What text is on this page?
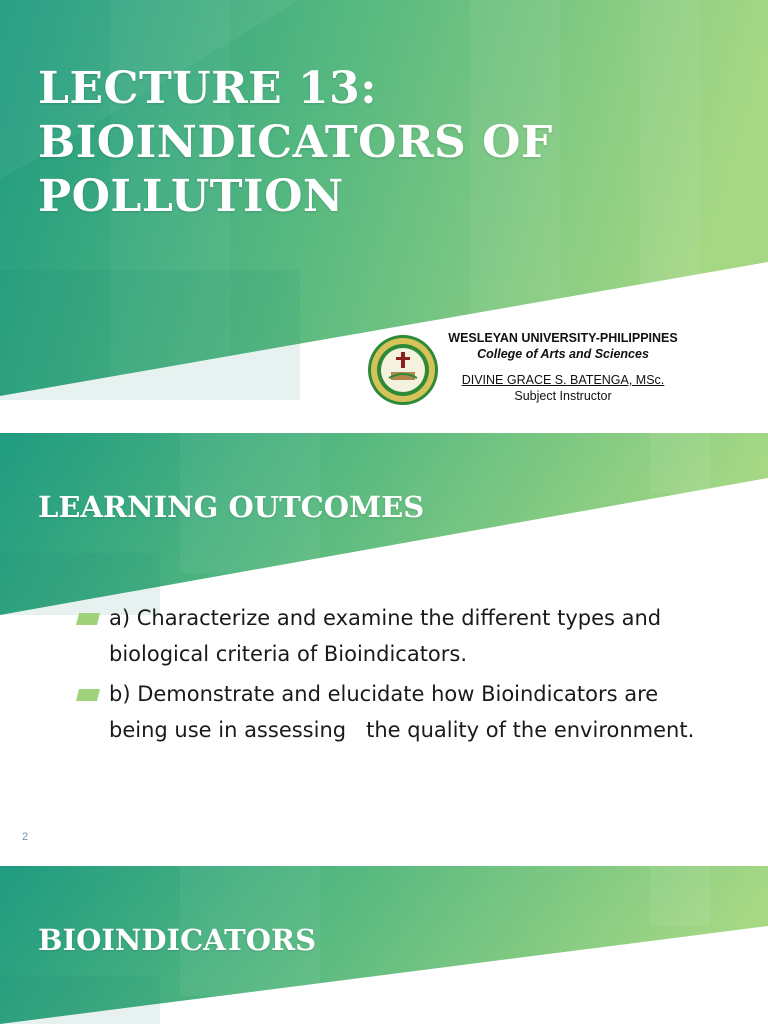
LECTURE 13: BIOINDICATORS OF POLLUTION
WESLEYAN UNIVERSITY-PHILIPPINES
College of Arts and Sciences
DIVINE GRACE S. BATENGA, MSc.
Subject Instructor
LEARNING OUTCOMES
a) Characterize and examine the different types and biological criteria of Bioindicators.
b) Demonstrate and elucidate how Bioindicators are being use in assessing   the quality of the environment.
2
BIOINDICATORS
